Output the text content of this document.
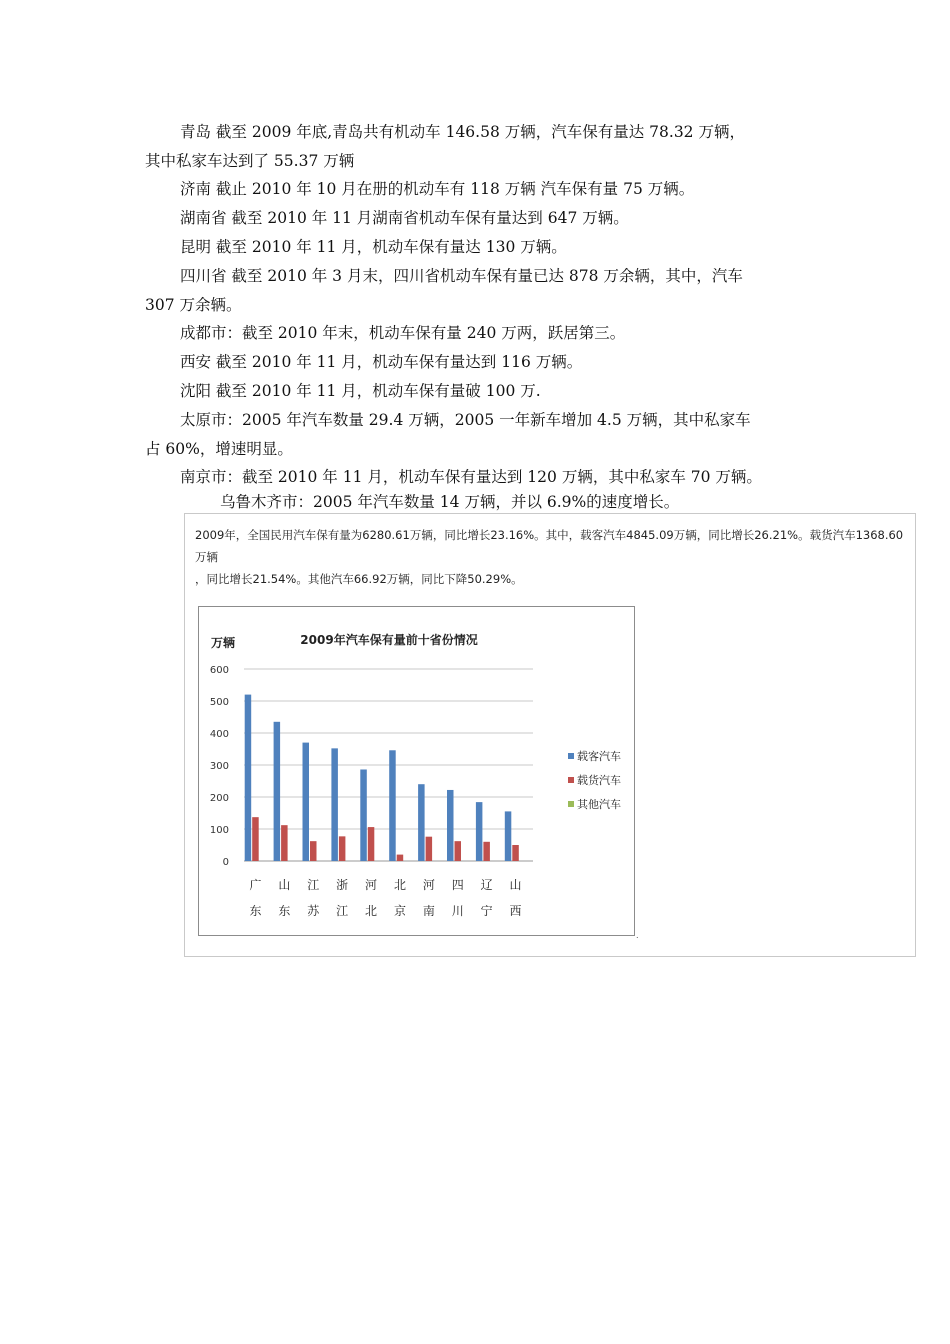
青岛 截至 2009 年底,青岛共有机动车 146.58 万辆，汽车保有量达 78.32 万辆，
其中私家车达到了 55.37 万辆
济南 截止 2010 年 10 月在册的机动车有 118 万辆 汽车保有量 75 万辆。
湖南省 截至 2010 年 11 月湖南省机动车保有量达到 647 万辆。
昆明 截至 2010 年 11 月，机动车保有量达 130 万辆。
四川省 截至 2010 年 3 月末，四川省机动车保有量已达 878 万余辆，其中，汽车
307 万余辆。
成都市：截至 2010 年末，机动车保有量 240 万两，跃居第三。
西安 截至 2010 年 11 月，机动车保有量达到 116 万辆。
沈阳 截至 2010 年 11 月，机动车保有量破 100 万.
太原市：2005 年汽车数量 29.4 万辆，2005 一年新车增加 4.5 万辆，其中私家车
占 60%，增速明显。
南京市：截至 2010 年 11 月，机动车保有量达到 120 万辆，其中私家车 70 万辆。
乌鲁木齐市：2005 年汽车数量 14 万辆，并以 6.9%的速度增长。
2009年，全国民用汽车保有量为6280.61万辆，同比增长23.16%。其中，载客汽车4845.09万辆，同比增长26.21%。载货汽车1368.60万辆
，同比增长21.54%。其他汽车66.92万辆，同比下降50.29%。
2009年汽车保有量前十省份情况
万辆
0
100
200
300
400
500
600
广
东
山
东
江
苏
浙
江
河
北
北
京
河
南
四
川
辽
宁
山
西
载客汽车
载货汽车
其他汽车
.
